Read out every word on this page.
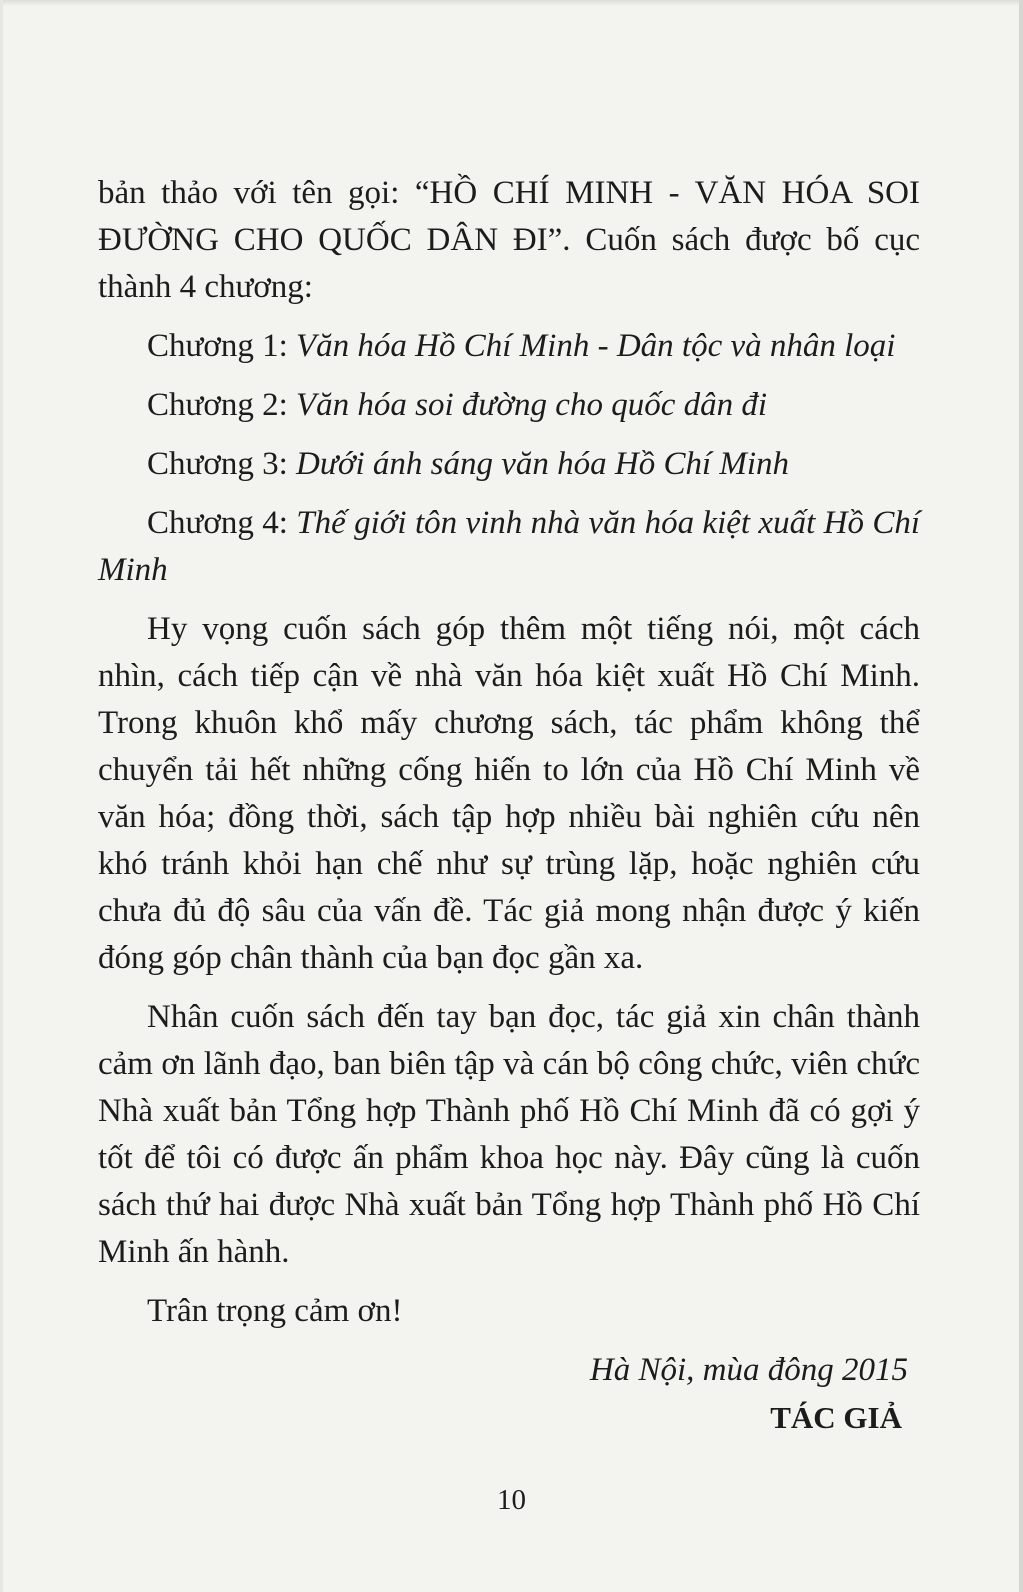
bản thảo với tên gọi: “HỒ CHÍ MINH - VĂN HÓA SOI ĐƯỜNG CHO QUỐC DÂN ĐI”. Cuốn sách được bố cục thành 4 chương:

Chương 1: Văn hóa Hồ Chí Minh - Dân tộc và nhân loại

Chương 2: Văn hóa soi đường cho quốc dân đi

Chương 3: Dưới ánh sáng văn hóa Hồ Chí Minh

Chương 4: Thế giới tôn vinh nhà văn hóa kiệt xuất Hồ Chí Minh

Hy vọng cuốn sách góp thêm một tiếng nói, một cách nhìn, cách tiếp cận về nhà văn hóa kiệt xuất Hồ Chí Minh. Trong khuôn khổ mấy chương sách, tác phẩm không thể chuyển tải hết những cống hiến to lớn của Hồ Chí Minh về văn hóa; đồng thời, sách tập hợp nhiều bài nghiên cứu nên khó tránh khỏi hạn chế như sự trùng lặp, hoặc nghiên cứu chưa đủ độ sâu của vấn đề. Tác giả mong nhận được ý kiến đóng góp chân thành của bạn đọc gần xa.

Nhân cuốn sách đến tay bạn đọc, tác giả xin chân thành cảm ơn lãnh đạo, ban biên tập và cán bộ công chức, viên chức Nhà xuất bản Tổng hợp Thành phố Hồ Chí Minh đã có gợi ý tốt để tôi có được ấn phẩm khoa học này. Đây cũng là cuốn sách thứ hai được Nhà xuất bản Tổng hợp Thành phố Hồ Chí Minh ấn hành.

Trân trọng cảm ơn!

Hà Nội, mùa đông 2015
TÁC GIẢ

10
